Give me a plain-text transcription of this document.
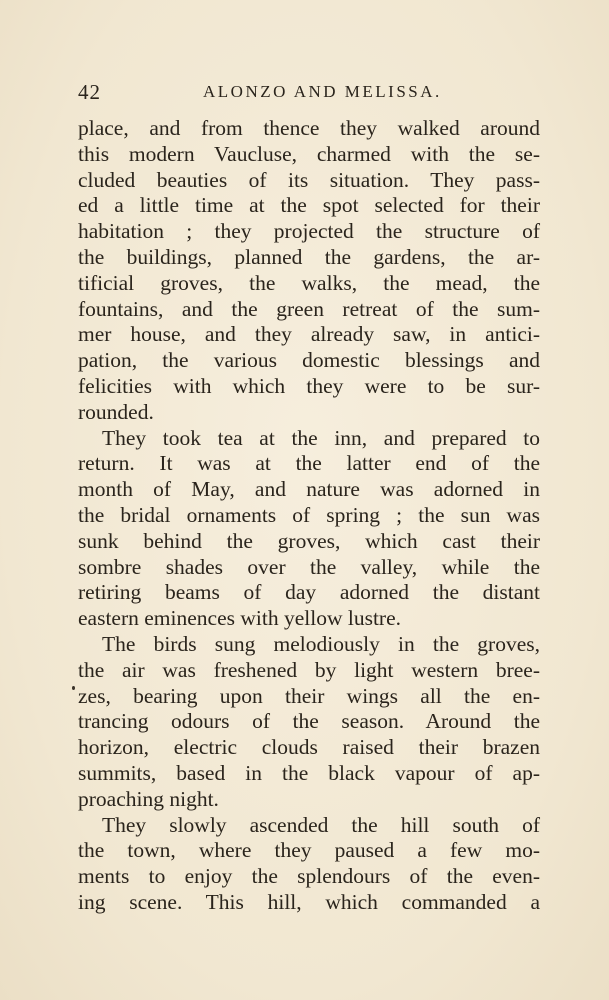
42	ALONZO AND MELISSA.
place, and from thence they walked around
this modern Vaucluse, charmed with the se-
cluded beauties of its situation. They pass-
ed a little time at the spot selected for their
habitation ; they projected the structure of
the buildings, planned the gardens, the ar-
tificial groves, the walks, the mead, the
fountains, and the green retreat of the sum-
mer house, and they already saw, in antici-
pation, the various domestic blessings and
felicities with which they were to be sur-
rounded.
They took tea at the inn, and prepared to
return. It was at the latter end of the
month of May, and nature was adorned in
the bridal ornaments of spring ; the sun was
sunk behind the groves, which cast their
sombre shades over the valley, while the
retiring beams of day adorned the distant
eastern eminences with yellow lustre.
The birds sung melodiously in the groves,
the air was freshened by light western bree-
zes, bearing upon their wings all the en-
trancing odours of the season. Around the
horizon, electric clouds raised their brazen
summits, based in the black vapour of ap-
proaching night.
They slowly ascended the hill south of
the town, where they paused a few mo-
ments to enjoy the splendours of the even-
ing scene. This hill, which commanded a
